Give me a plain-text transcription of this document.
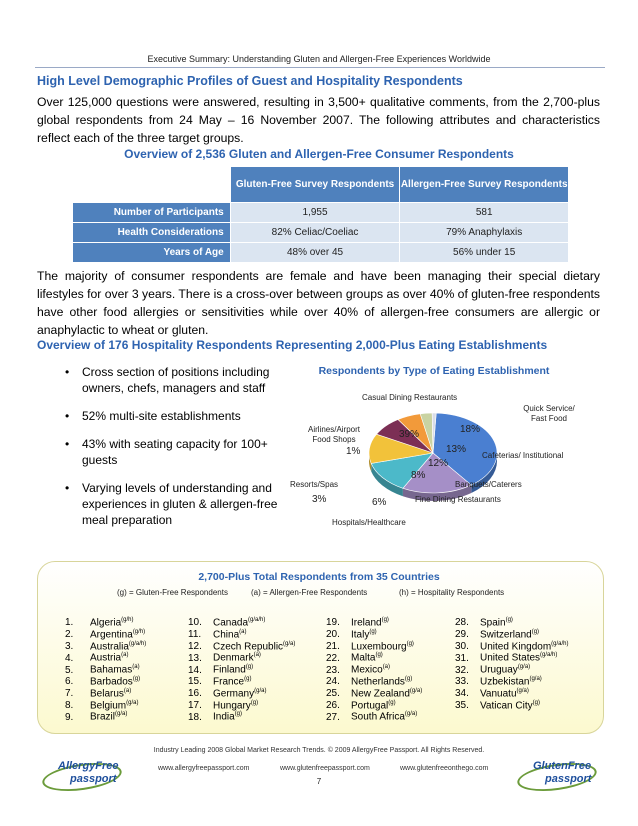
Executive Summary: Understanding Gluten and Allergen-Free Experiences Worldwide
High Level Demographic Profiles of Guest and Hospitality Respondents
Over 125,000 questions were answered, resulting in 3,500+ qualitative comments, from the 2,700-plus global respondents from 24 May – 16 November 2007. The following attributes and characteristics reflect each of the three target groups.
Overview of 2,536 Gluten and Allergen-Free Consumer Respondents
	Gluten-Free Survey Respondents	Allergen-Free Survey Respondents
Number of Participants	1,955	581
Health Considerations	82% Celiac/Coeliac	79% Anaphylaxis
Years of Age	48% over 45	56% under 15
The majority of consumer respondents are female and have been managing their special dietary lifestyles for over 3 years. There is a cross-over between groups as over 40% of gluten-free respondents have other food allergies or sensitivities while over 40% of allergen-free consumers are allergic or anaphylactic to wheat or gluten.
Overview of 176 Hospitality Respondents Representing 2,000-Plus Eating Establishments
• Cross section of positions including owners, chefs, managers and staff
• 52% multi-site establishments
• 43% with seating capacity for 100+ guests
• Varying levels of understanding and experiences in gluten & allergen-free meal preparation
Respondents by Type of Eating Establishment
Casual Dining Restaurants
Quick Service/ Fast Food
Cafeterias/ Institutional
Banquets/Caterers
Fine Dining Restaurants
Hospitals/Healthcare
Resorts/Spas
Airlines/Airport Food Shops	39%	18%
13%
12%
8%
6%
3%
1%
2,700-Plus Total Respondents from 35 Countries
(g) = Gluten-Free Respondents	(a) = Allergen-Free Respondents	(h) = Hospitality Respondents
1. Algeria$^{(g/h)}$
2. Argentina$^{(g/h)}$
3. Australia$^{(g/a/h)}$
4. Austria$^{(a)}$
5. Bahamas$^{(a)}$
6. Barbados$^{(g)}$
7. Belarus$^{(a)}$
8. Belgium$^{(g/a)}$
9. Brazil$^{(g/a)}$
10. Canada$^{(g/a/h)}$
11. China$^{(a)}$
12. Czech Republic$^{(g/a)}$
13. Denmark$^{(a)}$
14. Finland$^{(g)}$
15. France$^{(g)}$
16. Germany$^{(g/a)}$
17. Hungary$^{(g)}$
18. India$^{(g)}$
19. Ireland$^{(g)}$
20. Italy$^{(g)}$
21. Luxembourg$^{(g)}$
22. Malta$^{(g)}$
23. Mexico$^{(a)}$
24. Netherlands$^{(g)}$
25. New Zealand$^{(g/a)}$
26. Portugal$^{(g)}$
27. South Africa$^{(g/a)}$
28. Spain$^{(g)}$
29. Switzerland$^{(g)}$
30. United Kingdom$^{(g/a/h)}$
31. United States$^{(g/a/h)}$
32. Uruguay$^{(g/a)}$
33. Uzbekistan$^{(g/a)}$
34. Vanuatu$^{(g/a)}$
35. Vatican City$^{(g)}$
Industry Leading 2008 Global Market Research Trends. © 2009 AllergyFree Passport. All Rights Reserved.
www.allergyfreepassport.com	www.glutenfreepassport.com	www.glutenfreeonthego.com
7
AllergyFree
passport
GlutenFree
passport
